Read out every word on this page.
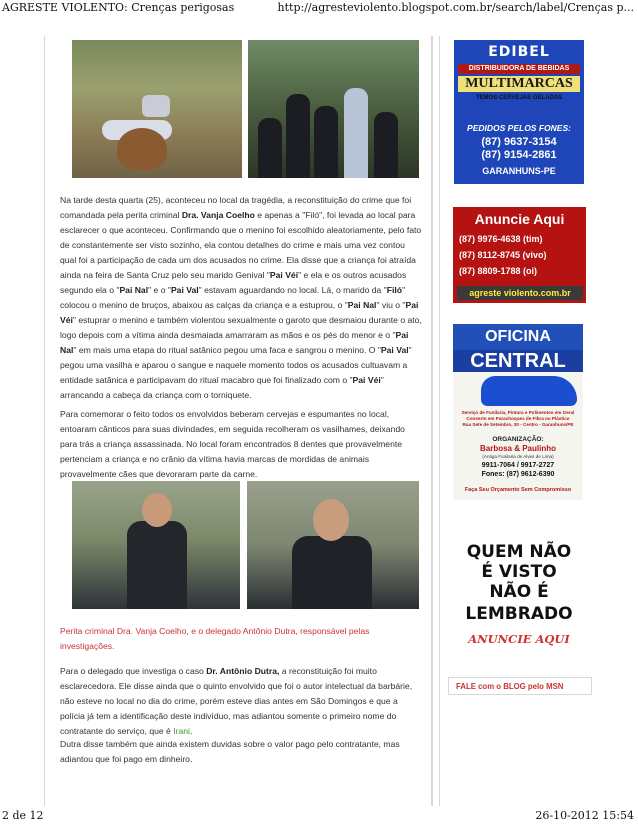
AGRESTE VIOLENTO: Crenças perigosas	http://agresteviolento.blogspot.com.br/search/label/Crenças p...

Na tarde desta quarta (25), aconteceu no local da tragédia, a reconstituição do crime que foi comandada pela perita criminal Dra. Vanja Coelho e apenas a "Filó", foi levada ao local para esclarecer o que aconteceu. Confirmando que o menino foi escolhido aleatoriamente, pelo fato de constantemente ser visto sozinho, ela contou detalhes do crime e mais uma vez contou qual foi a participação de cada um dos acusados no crime. Ela disse que a criança foi atraída ainda na feira de Santa Cruz pelo seu marido Genival "Pai Véi" e ela e os outros acusados segundo ela o "Pai Nal" e o "Pai Val" estavam aguardando no local. Lá, o marido da "Filó" colocou o menino de bruços, abaixou as calças da criança e a estuprou, o "Pai Nal" viu o "Pai Véi" estuprar o menino e também violentou sexualmente o garoto que desmaiou durante o ato, logo depois com a vítima ainda desmaiada amarraram as mãos e os pés do menor e o "Pai Nal" em mais uma etapa do ritual satânico pegou uma faca e sangrou o menino. O "Pai Val" pegou uma vasilha e aparou o sangue e naquele momento todos os acusados cultuavam a entidade satânica e participavam do ritual macabro que foi finalizado com o "Pai Véi" arrancando a cabeça da criança com o torniquete.

Para comemorar o feito todos os envolvidos beberam cervejas e espumantes no local, entoaram cânticos para suas divindades, em seguida recolheram os vasilhames, deixando para trás a criança assassinada. No local foram encontrados 8 dentes que provavelmente pertenciam a criança e no crânio da vítima havia marcas de mordidas de animais provavelmente cães que devoraram parte da carne.

Perita criminal Dra. Vanja Coelho, e o delegado Antônio Dutra, responsável pelas investigações.

Para o delegado que investiga o caso Dr. Antônio Dutra, a reconstituição foi muito esclarecedora. Ele disse ainda que o quinto envolvido que foi o autor intelectual da barbárie, não esteve no local no dia do crime, porém esteve dias antes em São Domingos e que a polícia já tem a identificação deste indivíduo, mas adiantou somente o primeiro nome do contratante do serviço, que é Irani.

Dutra disse também que ainda existem duvidas sobre o valor pago pelo contratante, mas adiantou que foi pago em dinheiro.

EDIBEL
DISTRIBUIDORA DE BEBIDAS
MULTIMARCAS
TEMOS CERVEJAS GELADAS
PEDIDOS PELOS FONES:
(87) 9637-3154
(87) 9154-2861
GARANHUNS-PE
Anuncie Aqui
(87) 9976-4638 (tim)
(87) 8112-8745 (vivo)
(87) 8809-1788 (oi)
agreste violento.com.br
OFICINA
CENTRAL
Serviço de Funilaria, Pintura e Polimentos em Geral Conserto em Parachoques de Fibra ou Plástico
Rua Sete de Setembro, 30 - Centro - Garanhuns/PE
ORGANIZAÇÃO:
Barbosa & Paulinho
(Antiga Funilaria de Alves de Lima)
9911-7064 / 9917-2727
Fones: (87) 9612-6390
Faça Seu Orçamento Sem Compromisso
QUEM NÃO
É VISTO
NÃO É
LEMBRADO
ANUNCIE AQUI
FALE com o BLOG pelo MSN
2 de 12	26-10-2012 15:54
